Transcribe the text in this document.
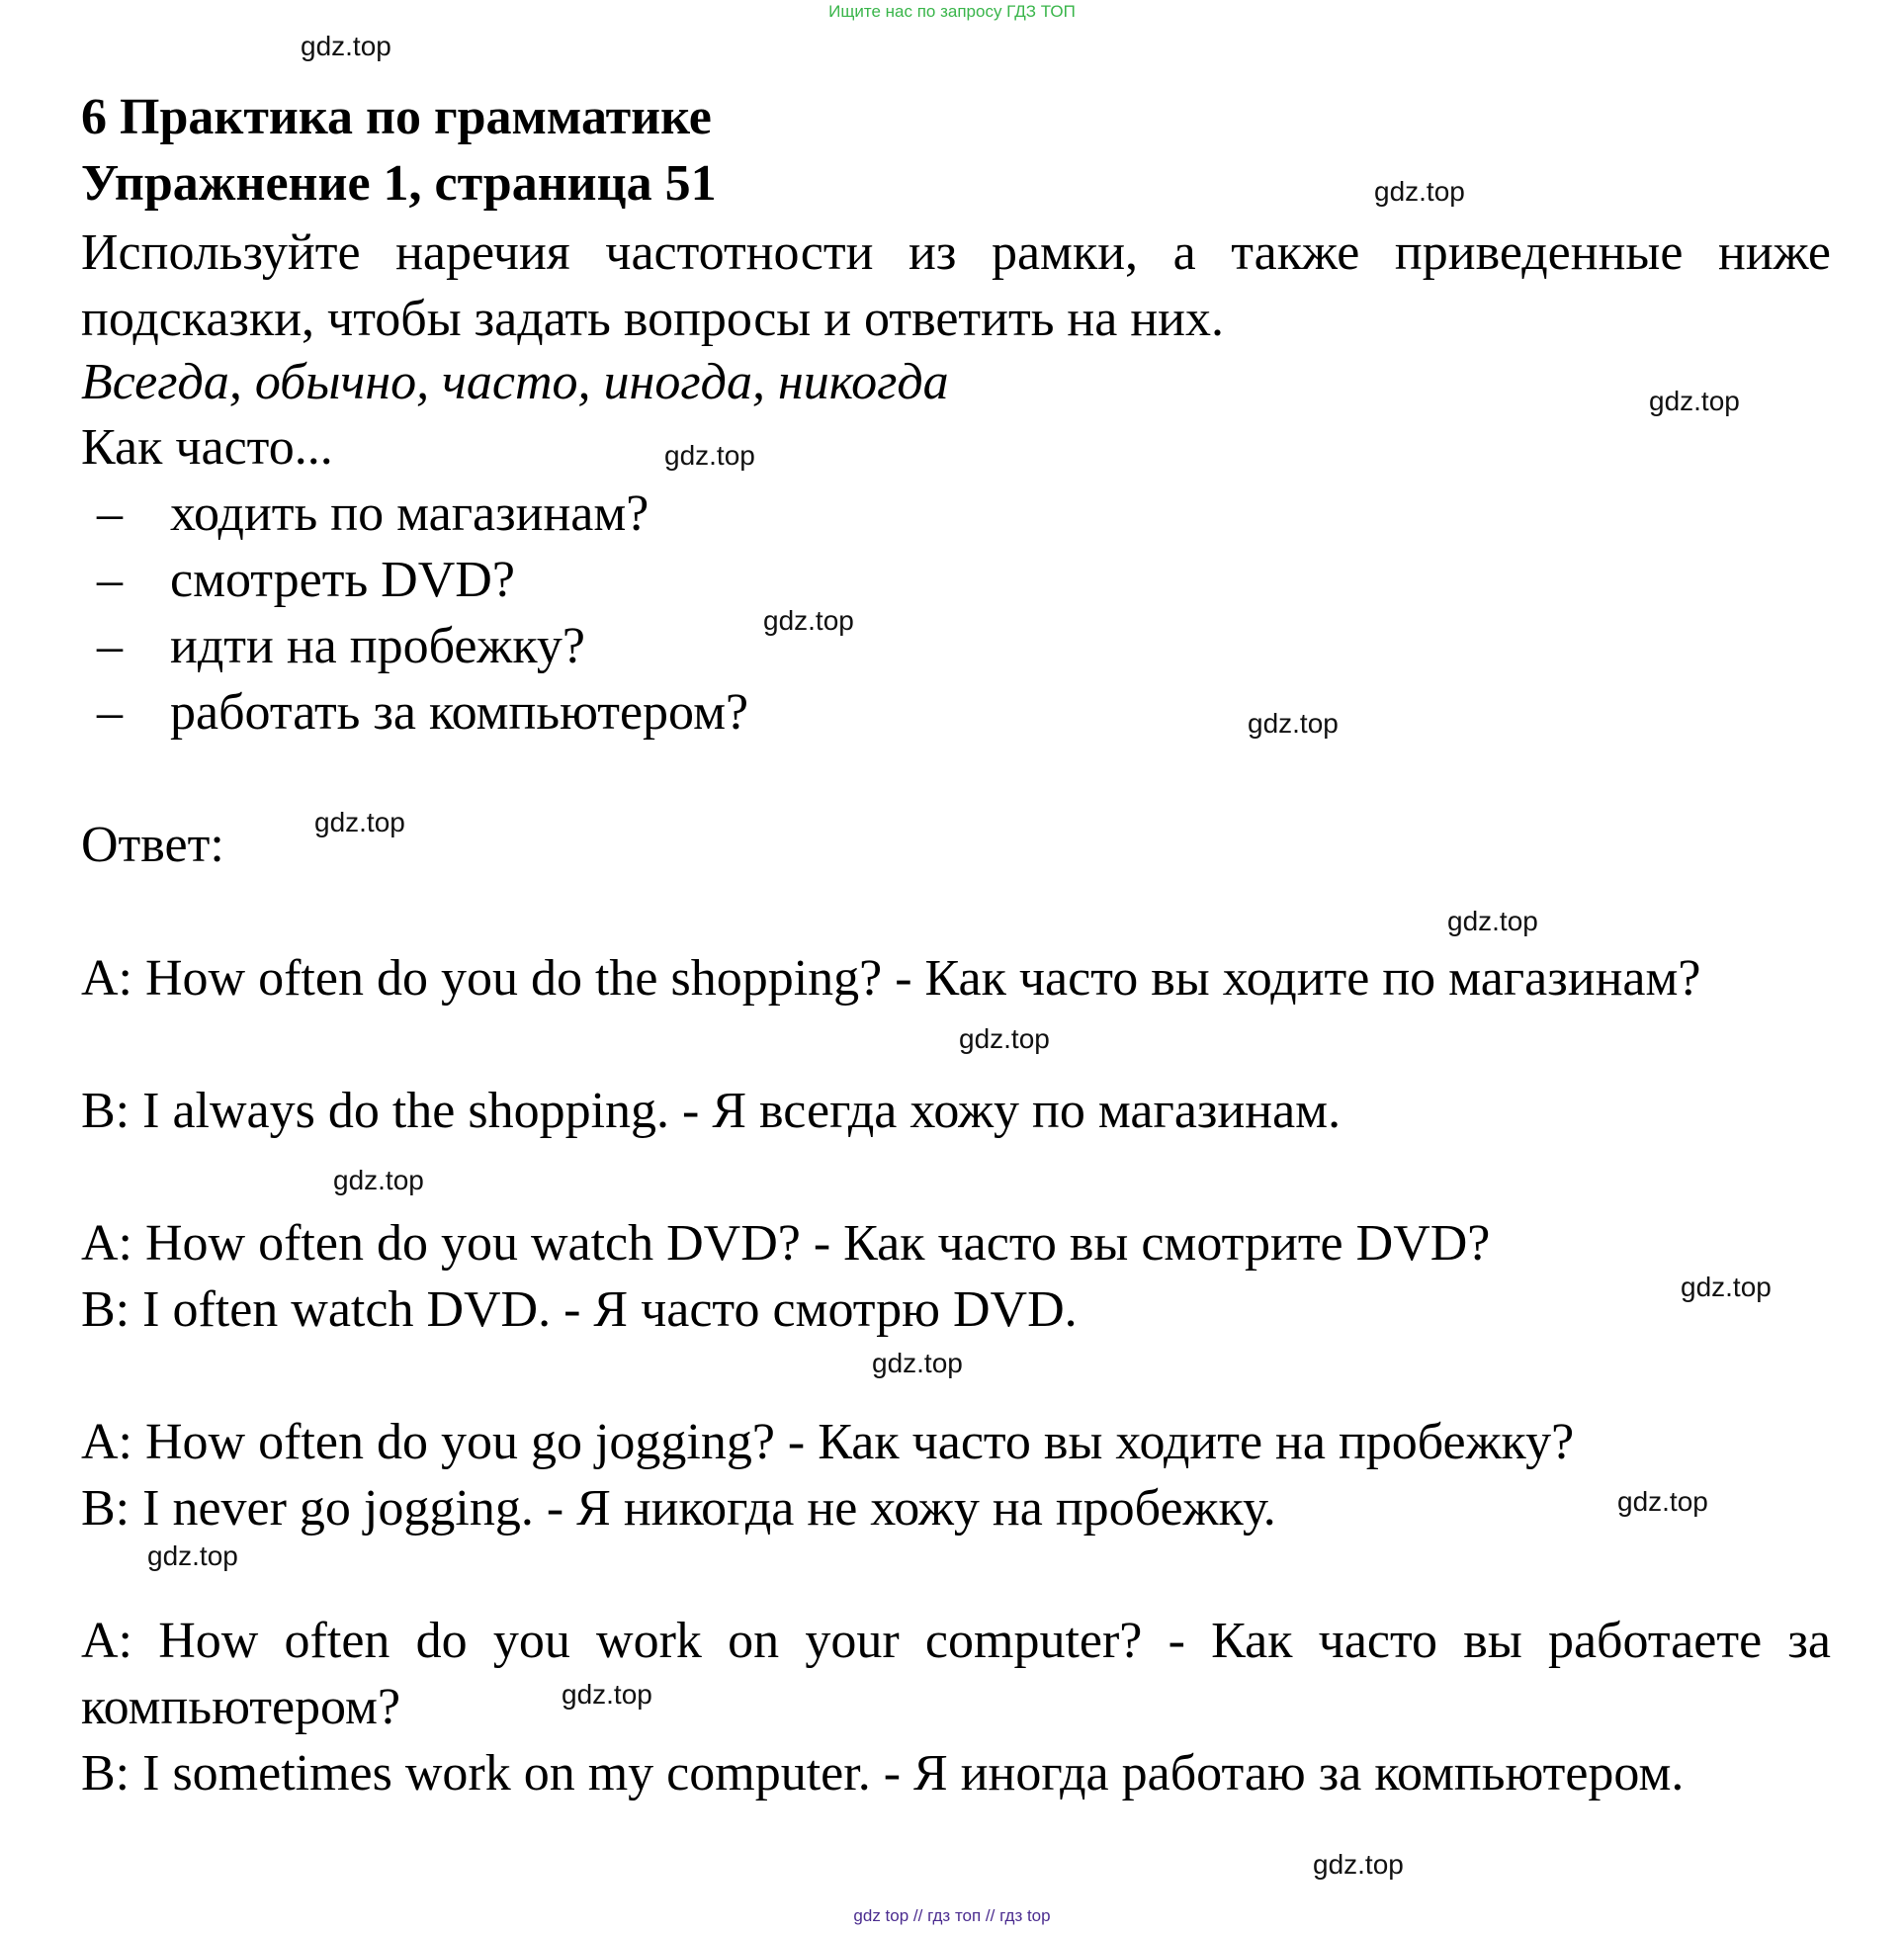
Ищите нас по запросу ГДЗ ТОП
gdz.top
gdz.top
gdz.top
gdz.top
gdz.top
gdz.top
gdz.top
gdz.top
gdz.top
gdz.top
gdz.top
gdz.top
gdz.top
gdz.top
gdz.top
gdz.top
6 Практика по грамматике
Упражнение 1, страница 51

Используйте наречия частотности из рамки, а также приведенные ниже подсказки, чтобы задать вопросы и ответить на них.

Всегда, обычно, часто, иногда, никогда
Как часто...
– ходить по магазинам?
– смотреть DVD?
– идти на пробежку?
– работать за компьютером?
Ответ:

A: How often do you do the shopping? - Как часто вы ходите по магазинам?

B: I always do the shopping. - Я всегда хожу по магазинам.

A: How often do you watch DVD? - Как часто вы смотрите DVD?

B: I often watch DVD. - Я часто смотрю DVD.

A: How often do you go jogging? - Как часто вы ходите на пробежку?

B: I never go jogging. - Я никогда не хожу на пробежку.

A: How often do you work on your computer? - Как часто вы работаете за компьютером?

B: I sometimes work on my computer. - Я иногда работаю за компьютером.

gdz top // гдз топ // гдз top
